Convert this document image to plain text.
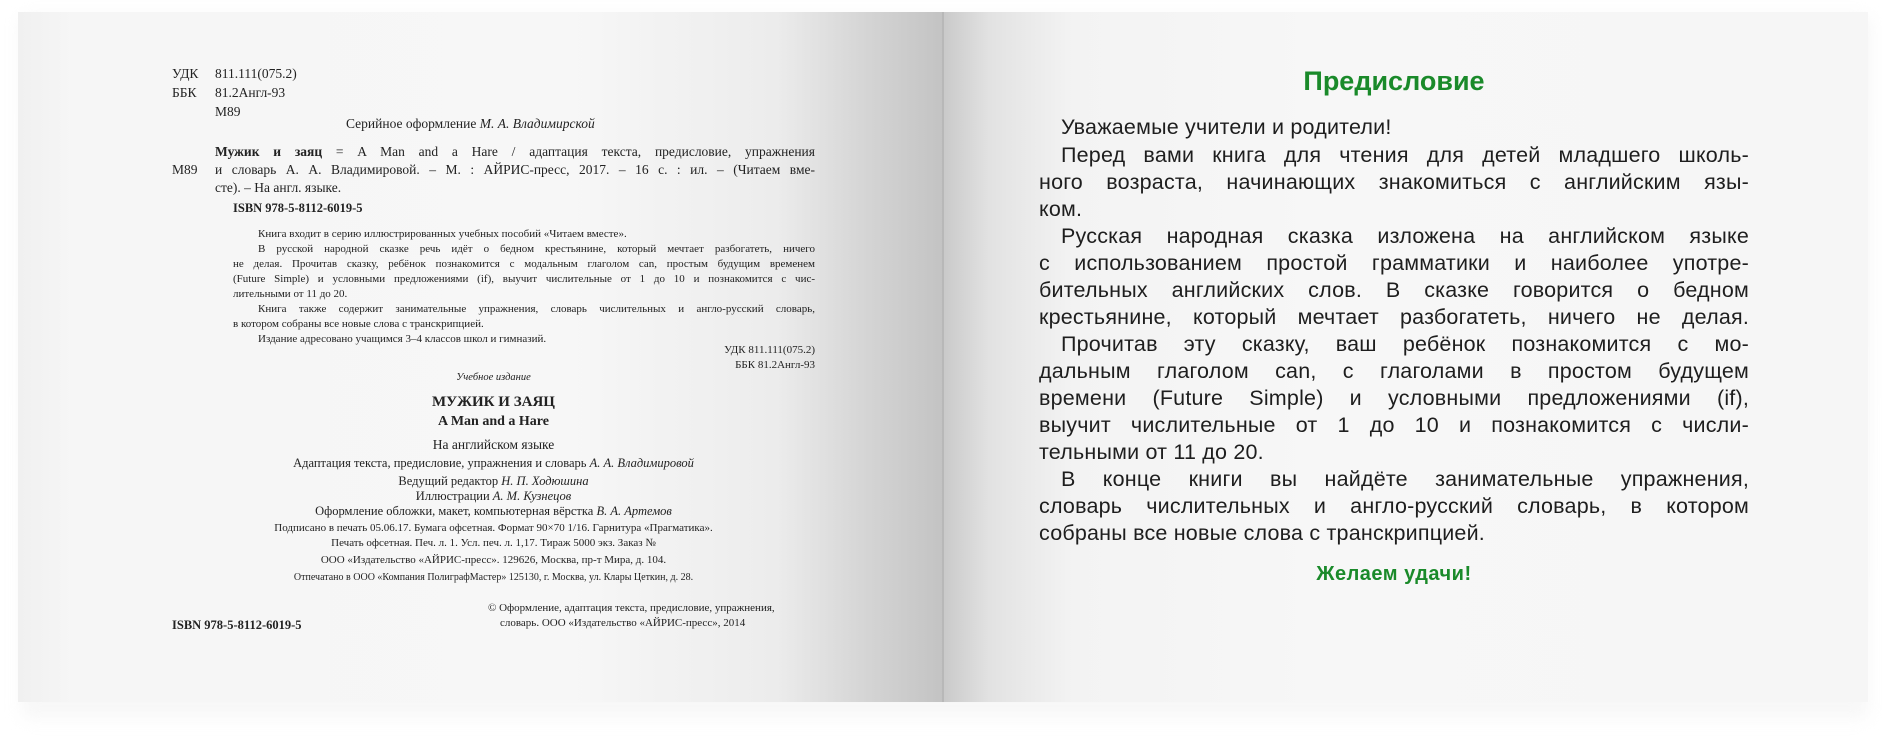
УДК 811.111(075.2)
ББК 81.2Англ-93
М89
Серийное оформление М. А. Владимирской
М89
Мужик и заяц = A Man and a Hare / адаптация текста, предисловие, упражнения
и словарь А. А. Владимировой. – М. : АЙРИС-пресс, 2017. – 16 с. : ил. – (Читаем вме-
сте). – На англ. языке.
ISBN 978-5-8112-6019-5
Книга входит в серию иллюстрированных учебных пособий «Читаем вместе».
В русской народной сказке речь идёт о бедном крестьянине, который мечтает разбогатеть, ничего
не делая. Прочитав сказку, ребёнок познакомится с модальным глаголом can, простым будущим временем
(Future Simple) и условными предложениями (if), выучит числительные от 1 до 10 и познакомится с чис-
лительными от 11 до 20.
Книга также содержит занимательные упражнения, словарь числительных и англо-русский словарь,
в котором собраны все новые слова с транскрипцией.
Издание адресовано учащимся 3–4 классов школ и гимназий.
УДК 811.111(075.2)
ББК 81.2Англ-93
Учебное издание
МУЖИК И ЗАЯЦ
A Man and a Hare
На английском языке
Адаптация текста, предисловие, упражнения и словарь А. А. Владимировой
Ведущий редактор Н. П. Ходюшина
Иллюстрации А. М. Кузнецов
Оформление обложки, макет, компьютерная вёрстка В. А. Артемов
Подписано в печать 05.06.17. Бумага офсетная. Формат 90×70 1/16. Гарнитура «Прагматика».
Печать офсетная. Печ. л. 1. Усл. печ. л. 1,17. Тираж 5000 экз. Заказ №
ООО «Издательство «АЙРИС-пресс». 129626, Москва, пр-т Мира, д. 104.
Отпечатано в ООО «Компания ПолиграфМастер» 125130, г. Москва, ул. Клары Цеткин, д. 28.
ISBN 978-5-8112-6019-5
© Оформление, адаптация текста, предисловие, упражнения,
словарь. ООО «Издательство «АЙРИС-пресс», 2014
Предисловие
Уважаемые учители и родители!
Перед вами книга для чтения для детей младшего школь-
ного возраста, начинающих знакомиться с английским язы-
ком.
Русская народная сказка изложена на английском языке
с использованием простой грамматики и наиболее употре-
бительных английских слов. В сказке говорится о бедном
крестьянине, который мечтает разбогатеть, ничего не делая.
Прочитав эту сказку, ваш ребёнок познакомится с мо-
дальным глаголом can, с глаголами в простом будущем
времени (Future Simple) и условными предложениями (if),
выучит числительные от 1 до 10 и познакомится с числи-
тельными от 11 до 20.
В конце книги вы найдёте занимательные упражнения,
словарь числительных и англо-русский словарь, в котором
собраны все новые слова с транскрипцией.
Желаем удачи!
